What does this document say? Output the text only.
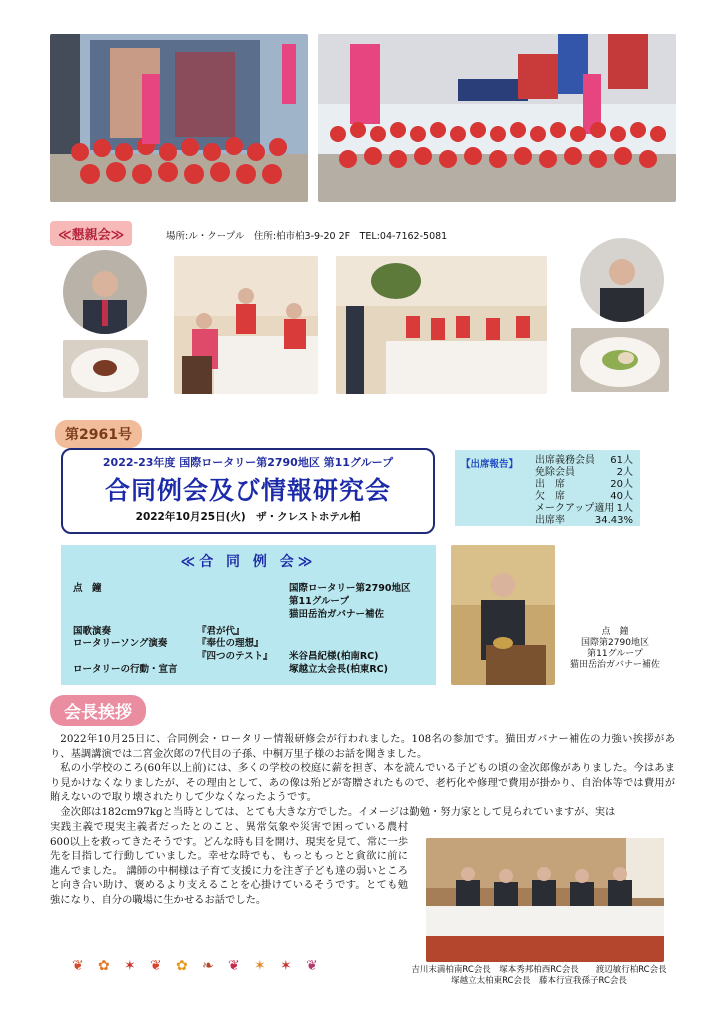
≪懇親会≫	場所:ル・クープル　住所:柏市柏3-9-20 2F　TEL:04-7162-5081
第2961号
2022-23年度 国際ロータリー第2790地区 第11グループ
合同例会及び情報研究会
2022年10月25日(火)　ザ・クレストホテル柏
【出席報告】 出席義務会員 61人
免除会員	2人
出　席	20人
欠　席	40人
メークアップ適用 1人
出席率	34.43%
≪合 同 例 会≫
点　鐘	国際ロータリー第2790地区
第11グループ
猫田岳治ガバナー補佐
国歌演奏	『君が代』
ロータリーソング演奏	『奉仕の理想』
『四つのテスト』 米谷昌紀様(柏南RC)
ロータリーの行動・宣言	塚越立太会長(柏東RC)
点　鐘
国際第2790地区
第11グループ
猫田岳治ガバナー補佐
会長挨拶

2022年10月25日に、合同例会・ロータリー情報研修会が行われました。108名の参加です。猫田ガバナー補佐の力強い挨拶があり、基調講演では二宮金次郎の7代目の子孫、中桐万里子様のお話を聞きました。

私の小学校のころ(60年以上前)には、多くの学校の校庭に薪を担ぎ、本を読んでいる子どもの頃の金次郎像がありました。今はあまり見かけなくなりましたが、その理由として、あの像は殆どが寄贈されたもので、老朽化や修理で費用が掛かり、自治体等では費用が賄えないので取り壊されたりして少なくなったようです。

金次郎は182cm97kgと当時としては、とても大きな方でした。イメージは勤勉・努力家として見られていますが、実は

実践主義で現実主義者だったとのこと、異常気象や災害で困っている農村600以上を救ってきたそうです。どんな時も目を開け、現実を見て、常に一歩先を目指して行動していました。幸せな時でも、もっともっとと貪欲に前に進んでました。 講師の中桐様は子育て支援に力を注ぎ子ども達の弱いところと向き合い助け、褒めるより支えることを心掛けているそうです。とても勉強になり、自分の職場に生かせるお話でした。

吉川末満柏南RC会長　塚本秀邦柏西RC会長　　渡辺敏行柏RC会長
塚越立太柏東RC会長　藤本行宣我孫子RC会長
❦ ✿ ✶ ❦ ✿ ❧ ❦ ✶ ✶ ❦
